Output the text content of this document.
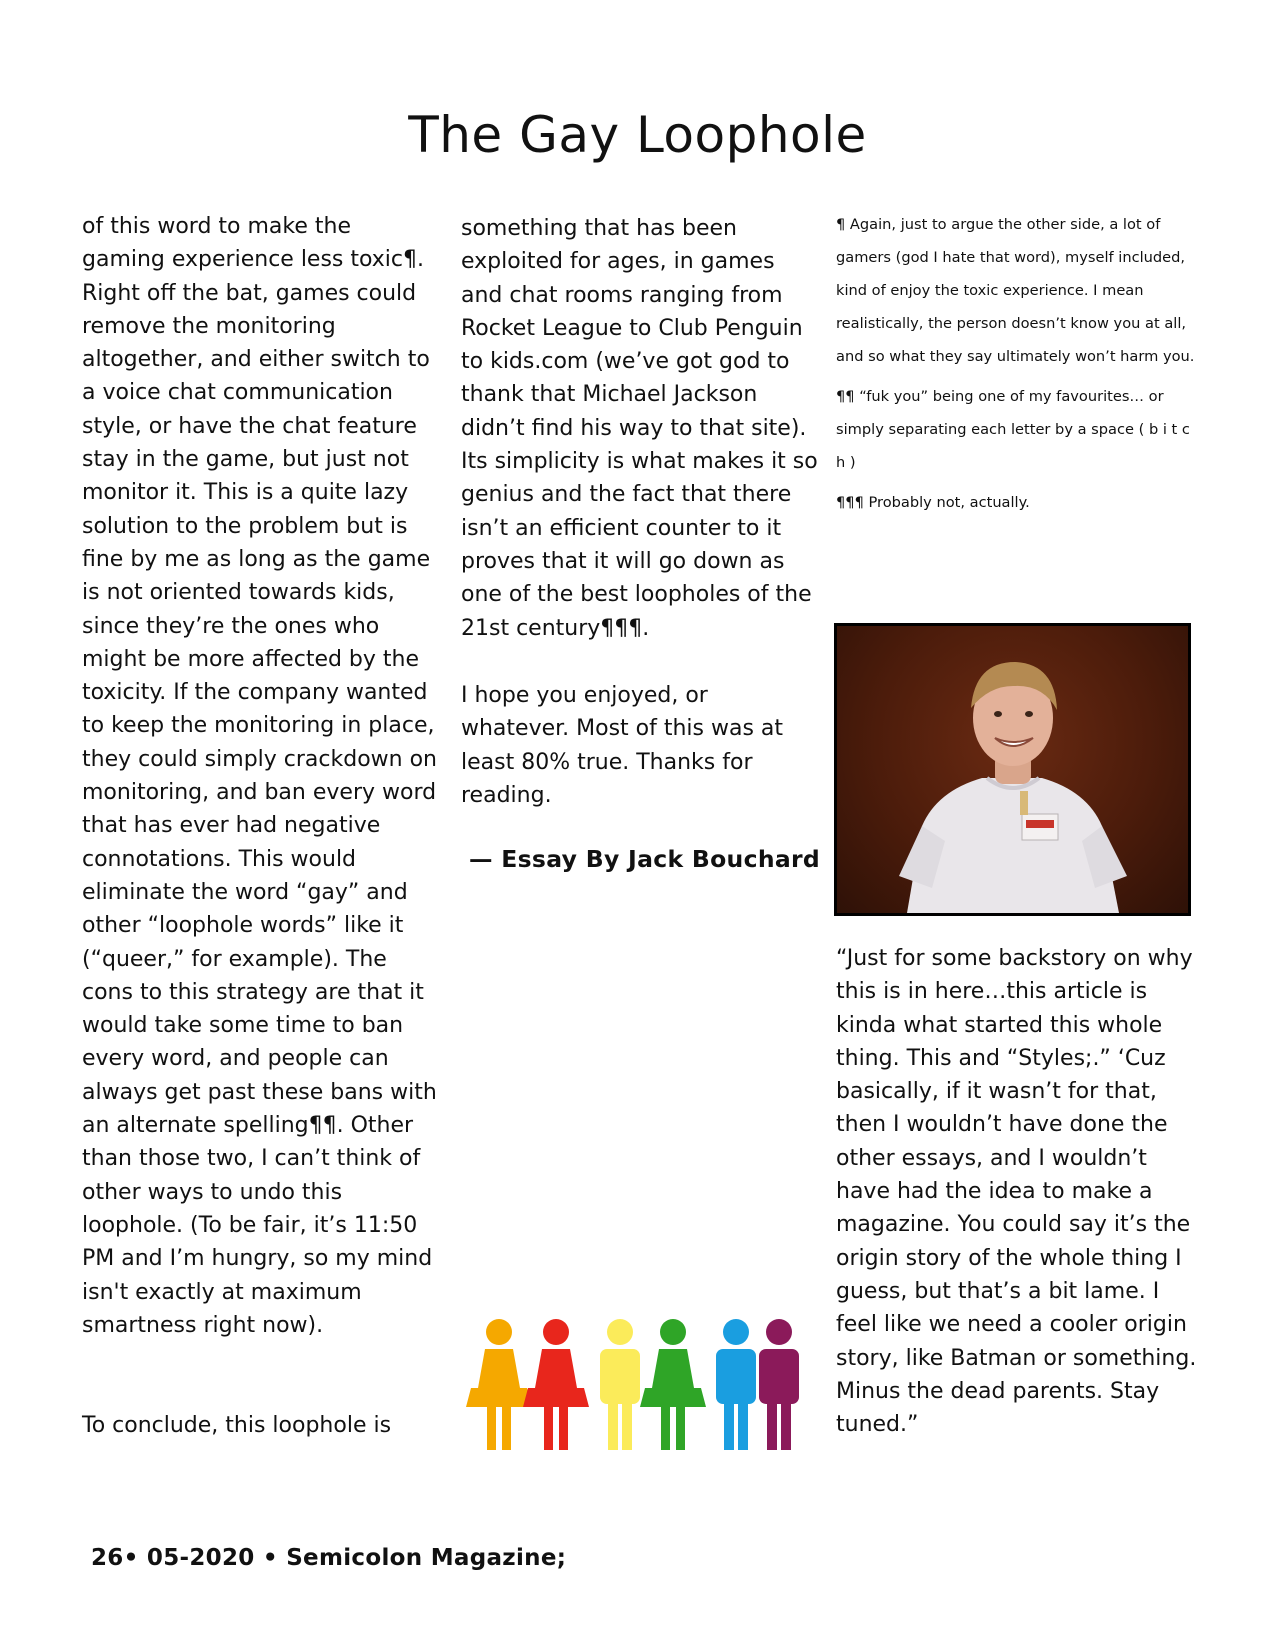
The Gay Loophole

of this word to make the gaming experience less toxic¶. Right off the bat, games could remove the monitoring altogether, and either switch to a voice chat communication style, or have the chat feature stay in the game, but just not monitor it. This is a quite lazy solution to the problem but is fine by me as long as the game is not oriented towards kids, since they’re the ones who might be more affected by the toxicity. If the company wanted to keep the monitoring in place, they could simply crackdown on monitoring, and ban every word that has ever had negative connotations. This would eliminate the word “gay” and other “loophole words” like it (“queer,” for example). The cons to this strategy are that it would take some time to ban every word, and people can always get past these bans with an alternate spelling¶¶. Other than those two, I can’t think of other ways to undo this loophole. (To be fair, it’s 11:50 PM and I’m hungry, so my mind isn't exactly at maximum smartness right now).

To conclude, this loophole is

something that has been exploited for ages, in games and chat rooms ranging from Rocket League to Club Penguin to kids.com (we’ve got god to thank that Michael Jackson didn’t find his way to that site). Its simplicity is what makes it so genius and the fact that there isn’t an efficient counter to it proves that it will go down as one of the best loopholes of the 21st century¶¶¶.

I hope you enjoyed, or whatever. Most of this was at least 80% true. Thanks for reading.

— Essay By Jack Bouchard

¶ Again, just to argue the other side, a lot of gamers (god I hate that word), myself included, kind of enjoy the toxic experience. I mean realistically, the person doesn’t know you at all, and so what they say ultimately won’t harm you.

¶¶ “fuk you” being one of my favourites… or simply separating each letter by a space ( b i t c h )

¶¶¶ Probably not, actually.

“Just for some backstory on why this is in here…this article is kinda what started this whole thing. This and “Styles;.” ‘Cuz basically, if it wasn’t for that, then I wouldn’t have done the other essays, and I wouldn’t have had the idea to make a magazine. You could say it’s the origin story of the whole thing I guess, but that’s a bit lame. I feel like we need a cooler origin story, like Batman or something. Minus the dead parents. Stay tuned.”

26• 05-2020 • Semicolon Magazine;
